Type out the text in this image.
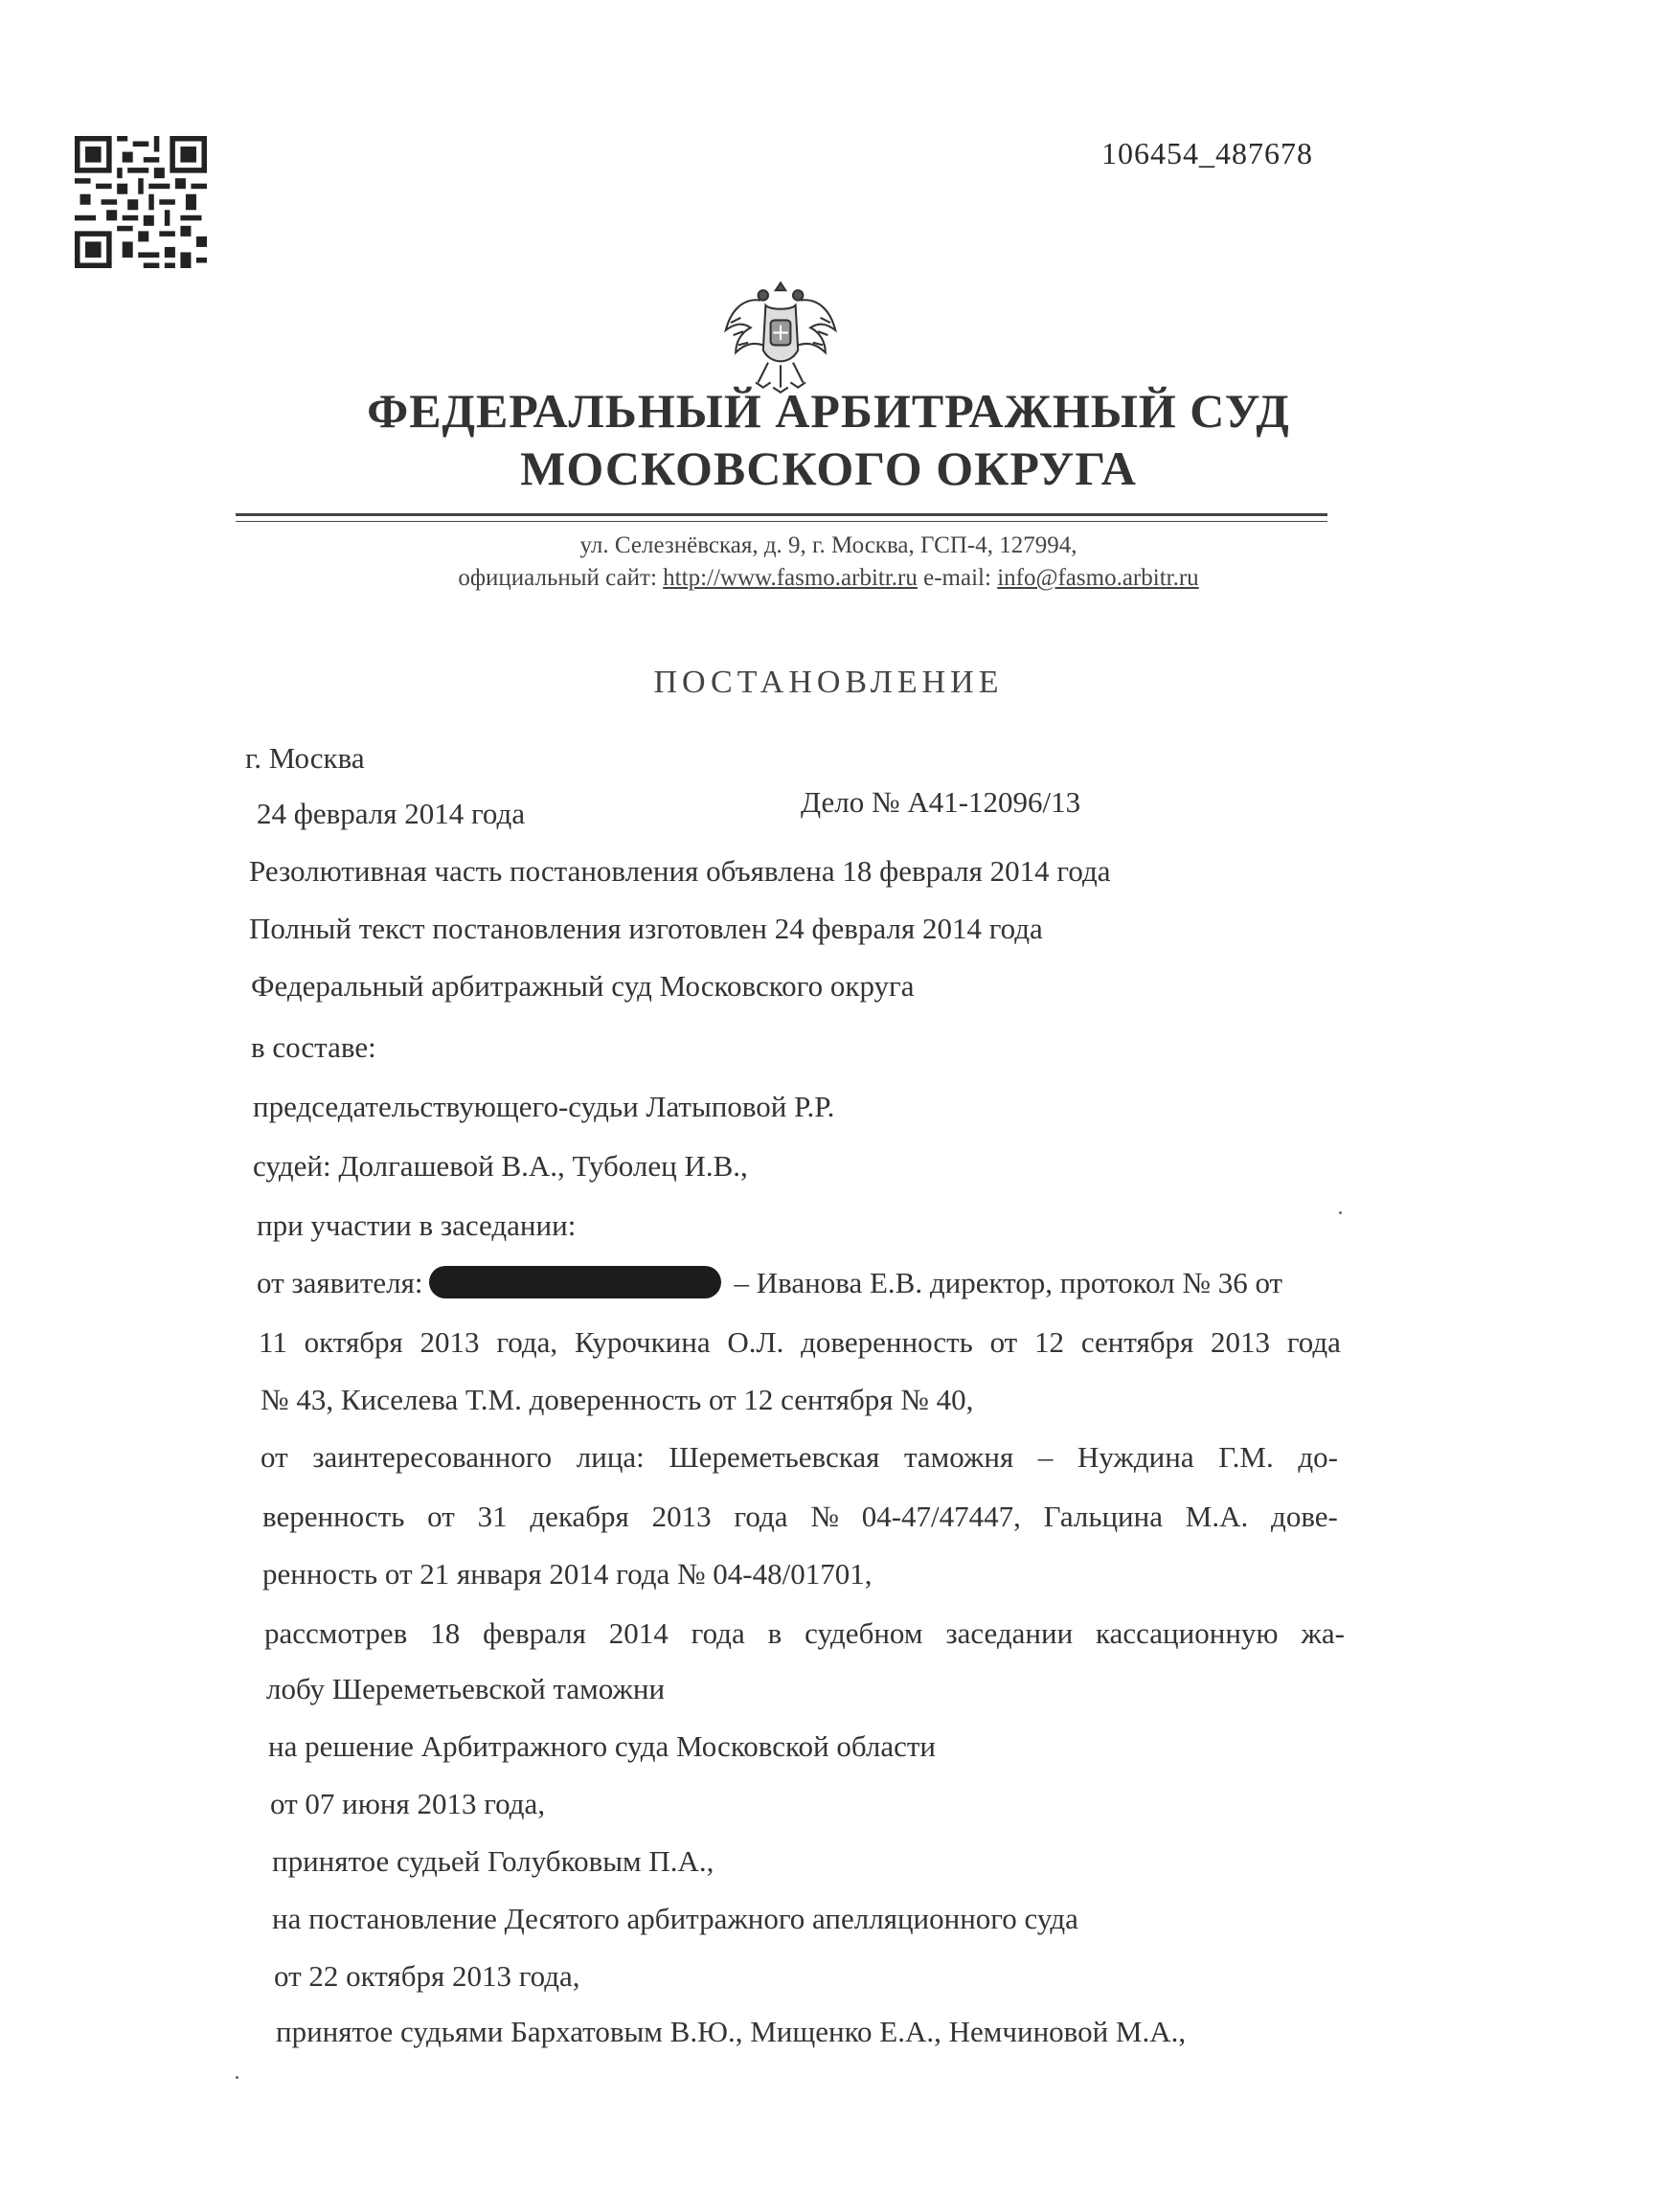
106454_487678
ФЕДЕРАЛЬНЫЙ АРБИТРАЖНЫЙ СУД
МОСКОВСКОГО ОКРУГА
ул. Селезнёвская, д. 9, г. Москва, ГСП-4, 127994,
официальный сайт: http://www.fasmo.arbitr.ru e-mail: info@fasmo.arbitr.ru
ПОСТАНОВЛЕНИЕ
г. Москва
24 февраля 2014 года	Дело № А41-12096/13
Резолютивная часть постановления объявлена 18 февраля 2014 года
Полный текст постановления изготовлен 24 февраля 2014 года
Федеральный арбитражный суд Московского округа
в составе:
председательствующего-судьи Латыповой Р.Р.
судей: Долгашевой В.А., Туболец И.В.,
при участии в заседании:
от заявителя:	– Иванова Е.В. директор, протокол № 36 от
11 октября 2013 года, Курочкина О.Л. доверенность от 12 сентября 2013 года
№ 43, Киселева Т.М. доверенность от 12 сентября № 40,
от заинтересованного лица: Шереметьевская таможня – Нуждина Г.М. до-
веренность от 31 декабря 2013 года № 04-47/47447, Гальцина М.А. дове-
ренность от 21 января 2014 года № 04-48/01701,
рассмотрев 18 февраля 2014 года в судебном заседании кассационную жа-
лобу Шереметьевской таможни
на решение Арбитражного суда Московской области
от 07 июня 2013 года,
принятое судьей Голубковым П.А.,
на постановление Десятого арбитражного апелляционного суда
от 22 октября 2013 года,
принятое судьями Бархатовым В.Ю., Мищенко Е.А., Немчиновой М.А.,
